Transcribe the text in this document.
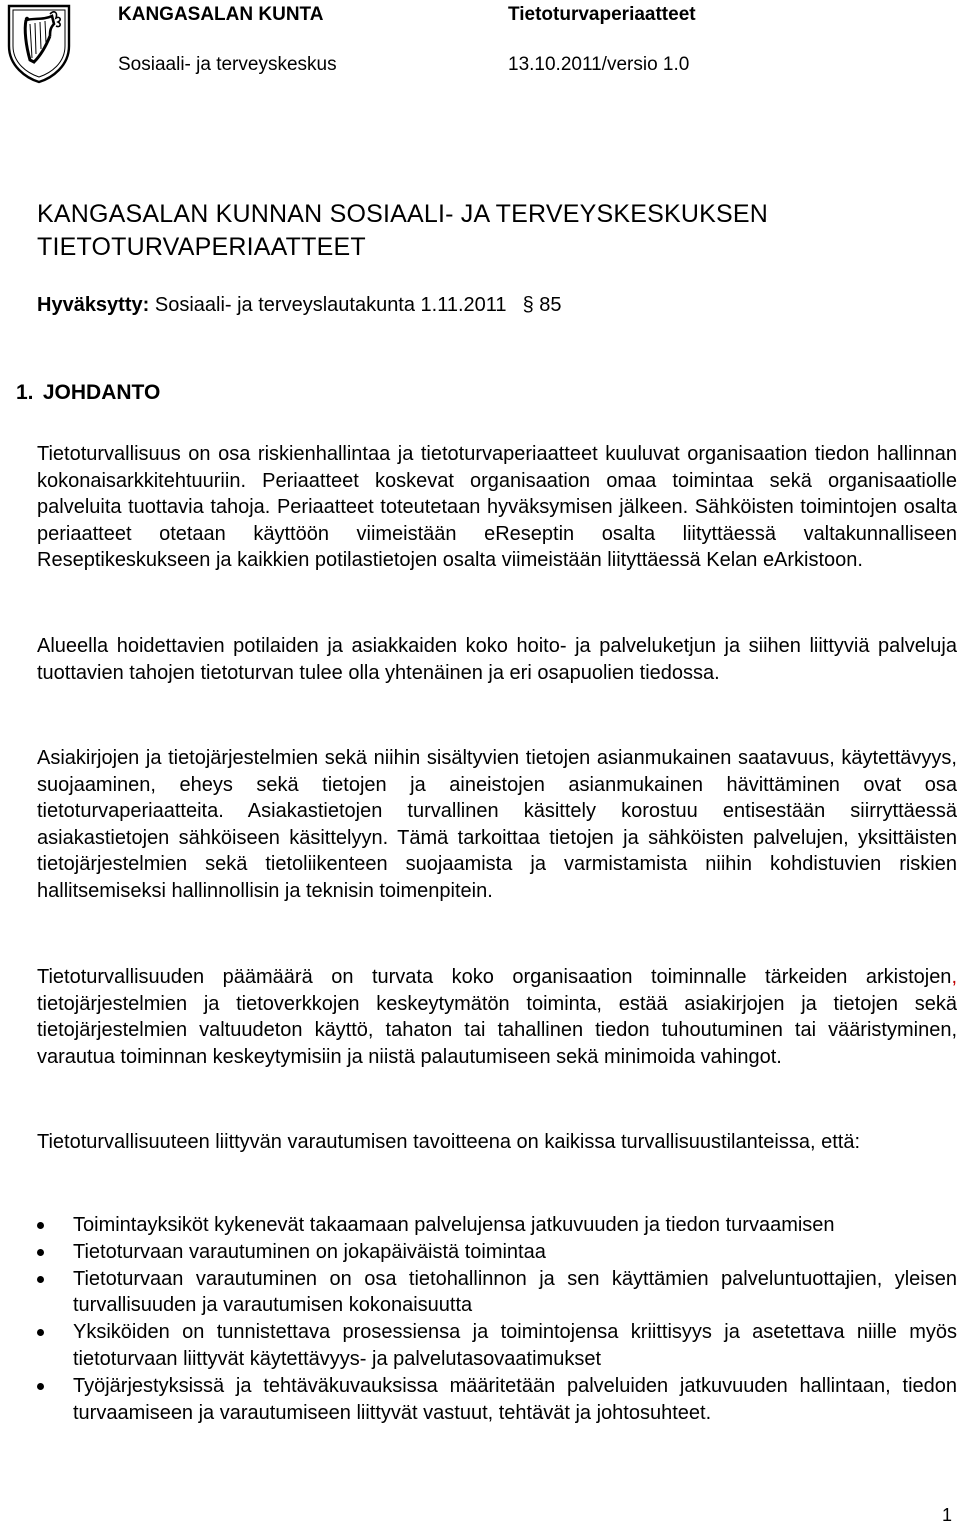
KANGASALAN KUNTA
Sosiaali- ja terveyskeskus
Tietoturvaperiaatteet
13.10.2011/versio 1.0
KANGASALAN KUNNAN SOSIAALI- JA TERVEYSKESKUKSEN
TIETOTURVAPERIAATTEET
Hyväksytty: Sosiaali- ja terveyslautakunta 1.11.2011 § 85
1. JOHDANTO
Tietoturvallisuus on osa riskienhallintaa ja tietoturvaperiaatteet kuuluvat organisaation tiedon hallinnan kokonaisarkkitehtuuriin. Periaatteet koskevat organisaation omaa toimintaa sekä organisaatiolle palveluita tuottavia tahoja. Periaatteet toteutetaan hyväksymisen jälkeen. Sähköisten toimintojen osalta periaatteet otetaan käyttöön viimeistään eReseptin osalta liityttäessä valtakunnalliseen Reseptikeskukseen ja kaikkien potilastietojen osalta viimeistään liityttäessä Kelan eArkistoon.
Alueella hoidettavien potilaiden ja asiakkaiden koko hoito- ja palveluketjun ja siihen liittyviä palveluja tuottavien tahojen tietoturvan tulee olla yhtenäinen ja eri osapuolien tiedossa.
Asiakirjojen ja tietojärjestelmien sekä niihin sisältyvien tietojen asianmukainen saatavuus, käytettävyys, suojaaminen, eheys sekä tietojen ja aineistojen asianmukainen hävittäminen ovat osa tietoturvaperiaatteita. Asiakastietojen turvallinen käsittely korostuu entisestään siirryttäessä asiakastietojen sähköiseen käsittelyyn. Tämä tarkoittaa tietojen ja sähköisten palvelujen, yksittäisten tietojärjestelmien sekä tietoliikenteen suojaamista ja varmistamista niihin kohdistuvien riskien hallitsemiseksi hallinnollisin ja teknisin toimenpitein.
Tietoturvallisuuden päämäärä on turvata koko organisaation toiminnalle tärkeiden arkistojen, tietojärjestelmien ja tietoverkkojen keskeytymätön toiminta, estää asiakirjojen ja tietojen sekä tietojärjestelmien valtuudeton käyttö, tahaton tai tahallinen tiedon tuhoutuminen tai vääristyminen, varautua toiminnan keskeytymisiin ja niistä palautumiseen sekä minimoida vahingot.
Tietoturvallisuuteen liittyvän varautumisen tavoitteena on kaikissa turvallisuustilanteissa, että:
Toimintayksiköt kykenevät takaamaan palvelujensa jatkuvuuden ja tiedon turvaamisen
Tietoturvaan varautuminen on jokapäiväistä toimintaa
Tietoturvaan varautuminen on osa tietohallinnon ja sen käyttämien palveluntuottajien, yleisen turvallisuuden ja varautumisen kokonaisuutta
Yksiköiden on tunnistettava prosessiensa ja toimintojensa kriittisyys ja asetettava niille myös tietoturvaan liittyvät käytettävyys- ja palvelutasovaatimukset
Työjärjestyksissä ja tehtäväkuvauksissa määritetään palveluiden jatkuvuuden hallintaan, tiedon turvaamiseen ja varautumiseen liittyvät vastuut, tehtävät ja johtosuhteet.
1
